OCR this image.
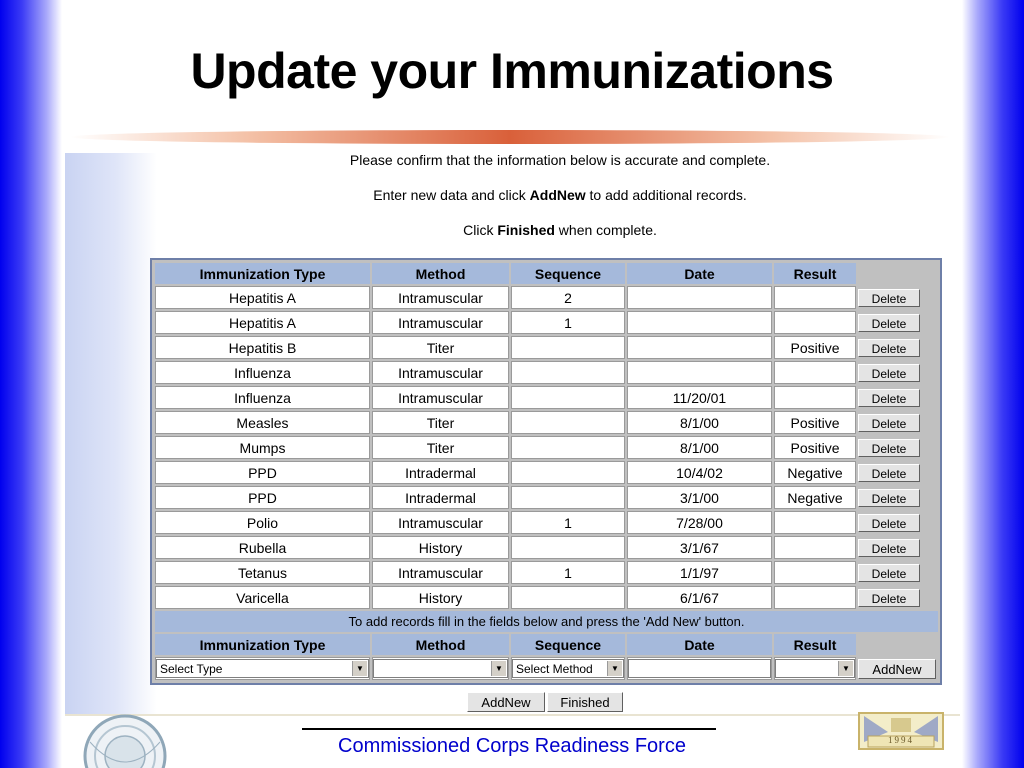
Update your Immunizations

Please confirm that the information below is accurate and complete.

Enter new data and click AddNew to add additional records.

Click Finished when complete.

Immunization Type	Method	Sequence	Date	Result	
Hepatitis A	Intramuscular	2			Delete
Hepatitis A	Intramuscular	1			Delete
Hepatitis B	Titer			Positive	Delete
Influenza	Intramuscular				Delete
Influenza	Intramuscular		11/20/01		Delete
Measles	Titer		8/1/00	Positive	Delete
Mumps	Titer		8/1/00	Positive	Delete
PPD	Intradermal		10/4/02	Negative	Delete
PPD	Intradermal		3/1/00	Negative	Delete
Polio	Intramuscular	1	7/28/00		Delete
Rubella	History		3/1/67		Delete
Tetanus	Intramuscular	1	1/1/97		Delete
Varicella	History		6/1/67		Delete
To add records fill in the fields below and press the 'Add New' button.					
Immunization Type	Method	Sequence	Date	Result	

Select Type ▼	▼	Select Method ▼		▼	AddNew
AddNew Finished
1994
Commissioned Corps Readiness Force
